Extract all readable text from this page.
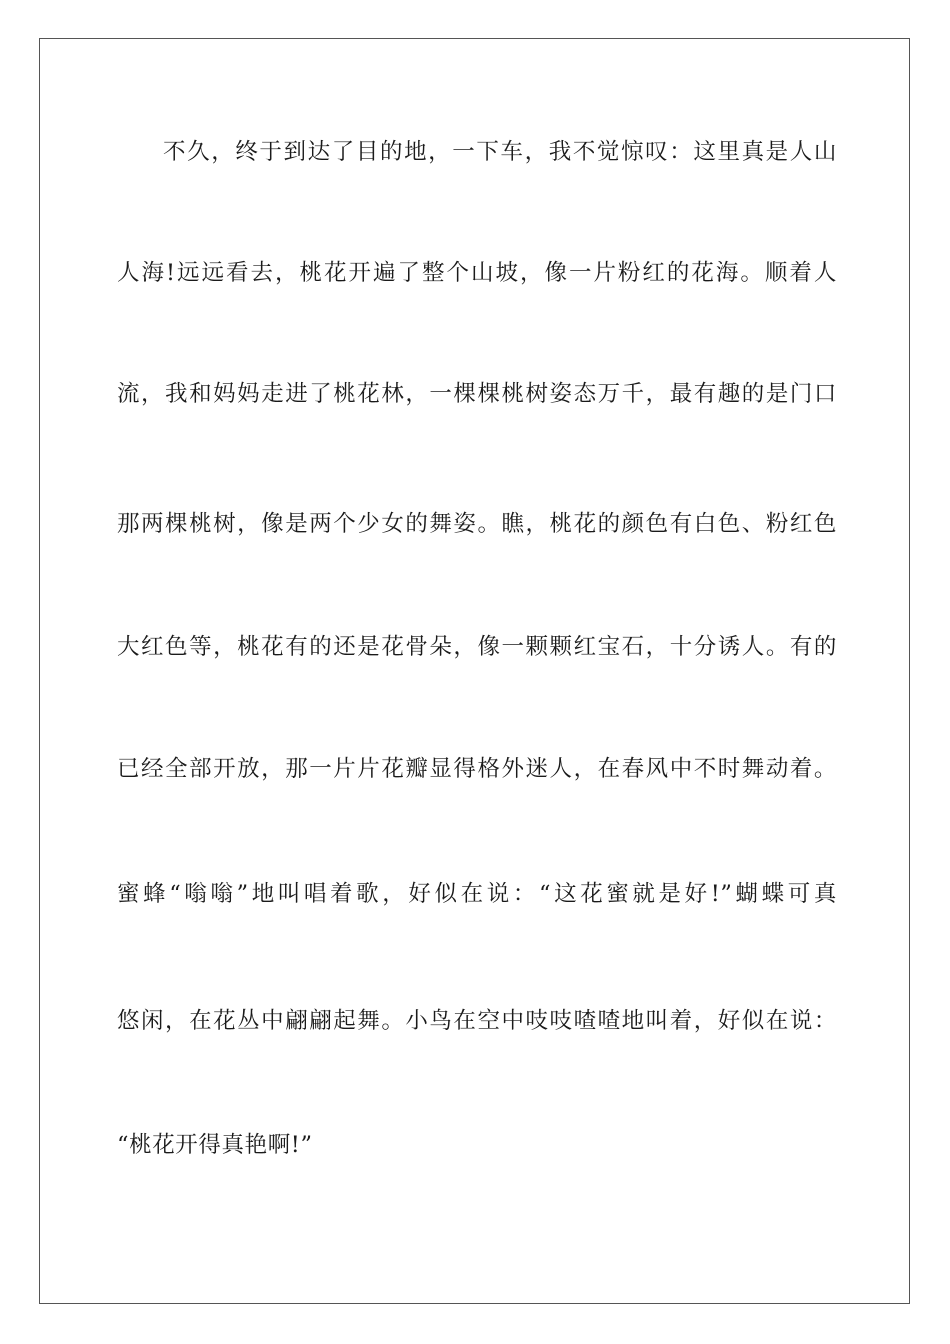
不久，终于到达了目的地，一下车，我不觉惊叹：这里真是人山
人海!远远看去，桃花开遍了整个山坡，像一片粉红的花海。顺着人
流，我和妈妈走进了桃花林，一棵棵桃树姿态万千，最有趣的是门口
那两棵桃树，像是两个少女的舞姿。瞧，桃花的颜色有白色、粉红色
大红色等，桃花有的还是花骨朵，像一颗颗红宝石，十分诱人。有的
已经全部开放，那一片片花瓣显得格外迷人，在春风中不时舞动着。
蜜蜂“嗡嗡”地叫唱着歌，好似在说：“这花蜜就是好!”蝴蝶可真
悠闲，在花丛中翩翩起舞。小鸟在空中吱吱喳喳地叫着，好似在说：
“桃花开得真艳啊!”
